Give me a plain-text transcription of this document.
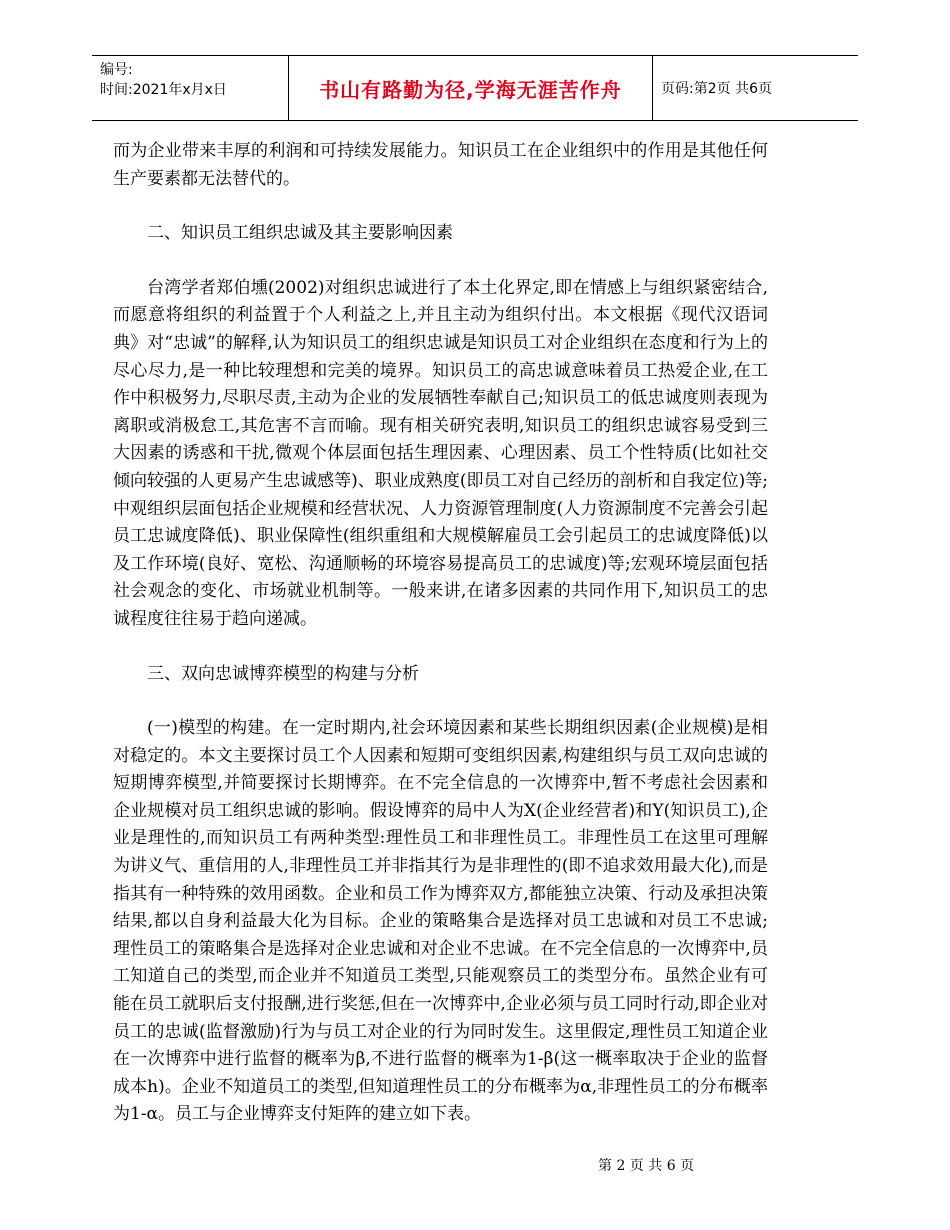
编号:
时间:2021年x月x日	书山有路勤为径,学海无涯苦作舟	页码:第2页 共6页

而为企业带来丰厚的利润和可持续发展能力。知识员工在企业组织中的作用是其他任何生产要素都无法替代的。

二、知识员工组织忠诚及其主要影响因素

台湾学者郑伯壎(2002)对组织忠诚进行了本土化界定,即在情感上与组织紧密结合,而愿意将组织的利益置于个人利益之上,并且主动为组织付出。本文根据《现代汉语词典》对“忠诚”的解释,认为知识员工的组织忠诚是知识员工对企业组织在态度和行为上的尽心尽力,是一种比较理想和完美的境界。知识员工的高忠诚意味着员工热爱企业,在工作中积极努力,尽职尽责,主动为企业的发展牺牲奉献自己;知识员工的低忠诚度则表现为离职或消极怠工,其危害不言而喻。现有相关研究表明,知识员工的组织忠诚容易受到三大因素的诱惑和干扰,微观个体层面包括生理因素、心理因素、员工个性特质(比如社交倾向较强的人更易产生忠诚感等)、职业成熟度(即员工对自己经历的剖析和自我定位)等;中观组织层面包括企业规模和经营状况、人力资源管理制度(人力资源制度不完善会引起员工忠诚度降低)、职业保障性(组织重组和大规模解雇员工会引起员工的忠诚度降低)以及工作环境(良好、宽松、沟通顺畅的环境容易提高员工的忠诚度)等;宏观环境层面包括社会观念的变化、市场就业机制等。一般来讲,在诸多因素的共同作用下,知识员工的忠诚程度往往易于趋向递减。

三、双向忠诚博弈模型的构建与分析

(一)模型的构建。在一定时期内,社会环境因素和某些长期组织因素(企业规模)是相对稳定的。本文主要探讨员工个人因素和短期可变组织因素,构建组织与员工双向忠诚的短期博弈模型,并简要探讨长期博弈。在不完全信息的一次博弈中,暂不考虑社会因素和企业规模对员工组织忠诚的影响。假设博弈的局中人为X(企业经营者)和Y(知识员工),企业是理性的,而知识员工有两种类型:理性员工和非理性员工。非理性员工在这里可理解为讲义气、重信用的人,非理性员工并非指其行为是非理性的(即不追求效用最大化),而是指其有一种特殊的效用函数。企业和员工作为博弈双方,都能独立决策、行动及承担决策结果,都以自身利益最大化为目标。企业的策略集合是选择对员工忠诚和对员工不忠诚;理性员工的策略集合是选择对企业忠诚和对企业不忠诚。在不完全信息的一次博弈中,员工知道自己的类型,而企业并不知道员工类型,只能观察员工的类型分布。虽然企业有可能在员工就职后支付报酬,进行奖惩,但在一次博弈中,企业必须与员工同时行动,即企业对员工的忠诚(监督激励)行为与员工对企业的行为同时发生。这里假定,理性员工知道企业在一次博弈中进行监督的概率为β,不进行监督的概率为1-β(这一概率取决于企业的监督成本h)。企业不知道员工的类型,但知道理性员工的分布概率为α,非理性员工的分布概率为1-α。员工与企业博弈支付矩阵的建立如下表。

第 2 页 共 6 页
